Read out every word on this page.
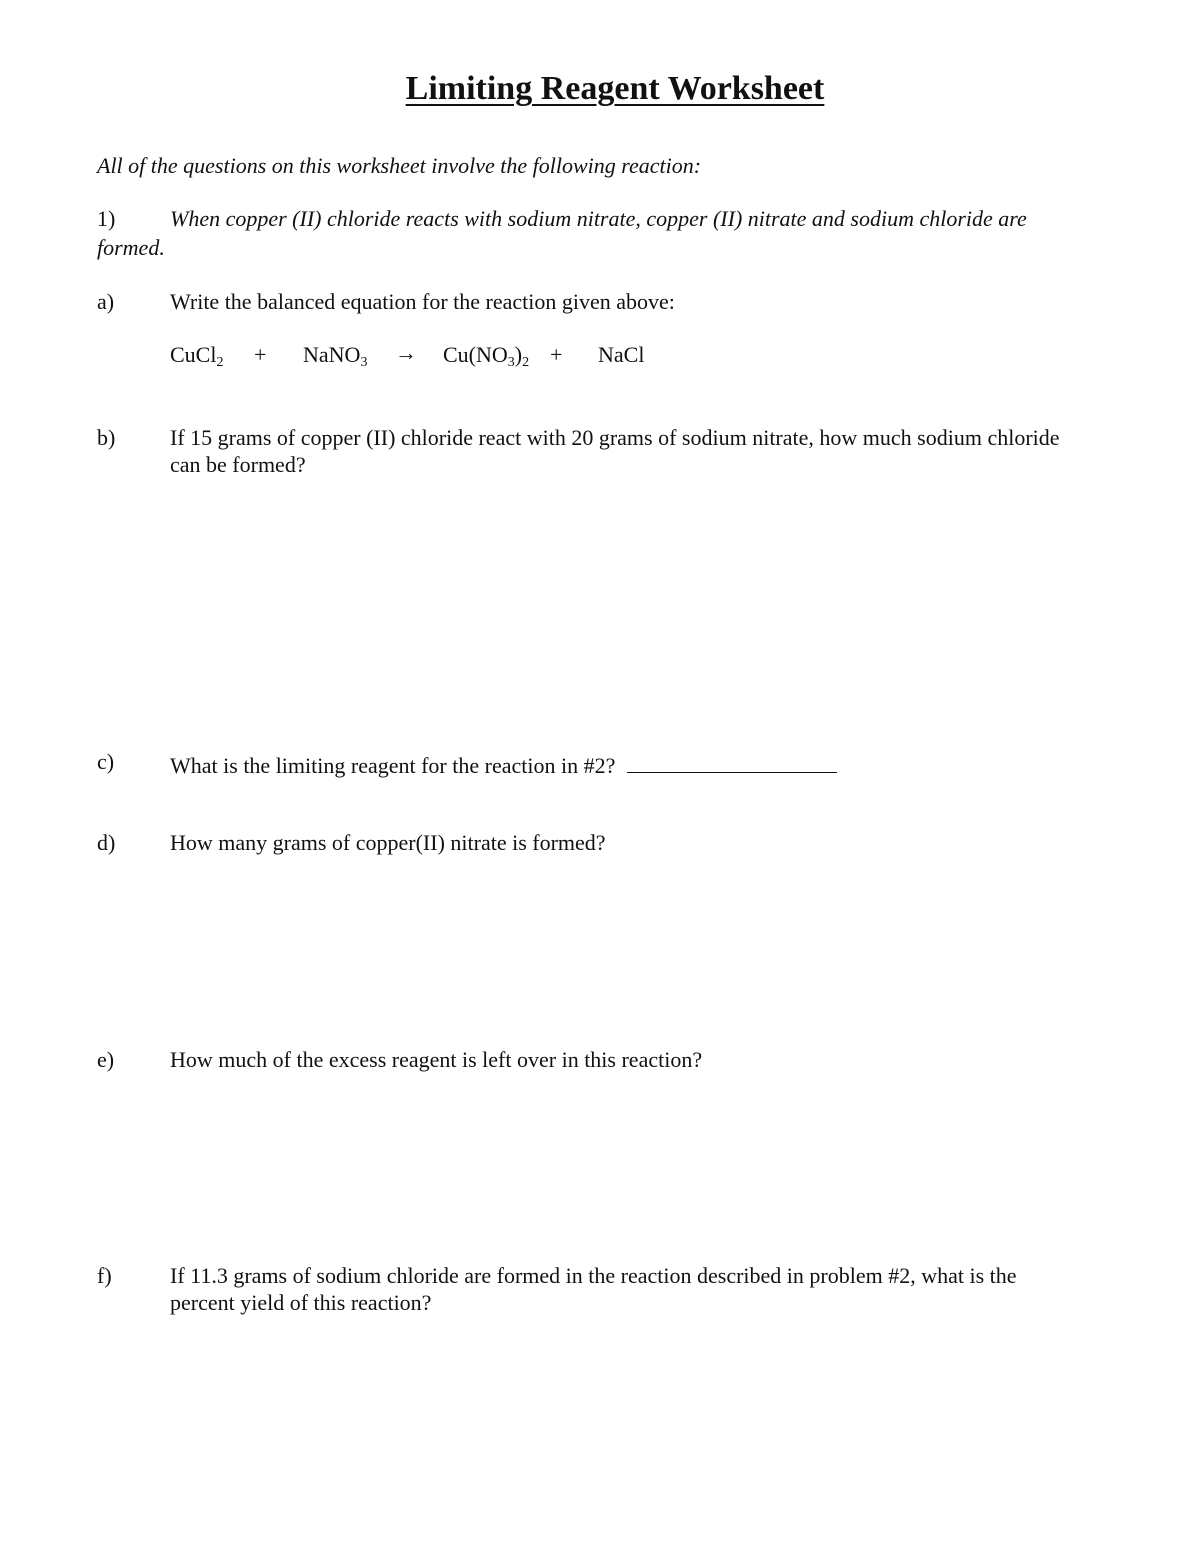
Limiting Reagent Worksheet
All of the questions on this worksheet involve the following reaction:
1) When copper (II) chloride reacts with sodium nitrate, copper (II) nitrate and sodium chloride are
formed.
a)	Write the balanced equation for the reaction given above:
CuCl$_2$ + NaNO$_3$ → $Cu(NO_3)_2$ + NaCl
b) If 15 grams of copper (II) chloride react with 20 grams of sodium nitrate, how much sodium chloride
can be formed?
c)	What is the limiting reagent for the reaction in #2?
d) How many grams of copper(II) nitrate is formed?
e)	How much of the excess reagent is left over in this reaction?
f)	If 11.3 grams of sodium chloride are formed in the reaction described in problem #2, what is the
percent yield of this reaction?
